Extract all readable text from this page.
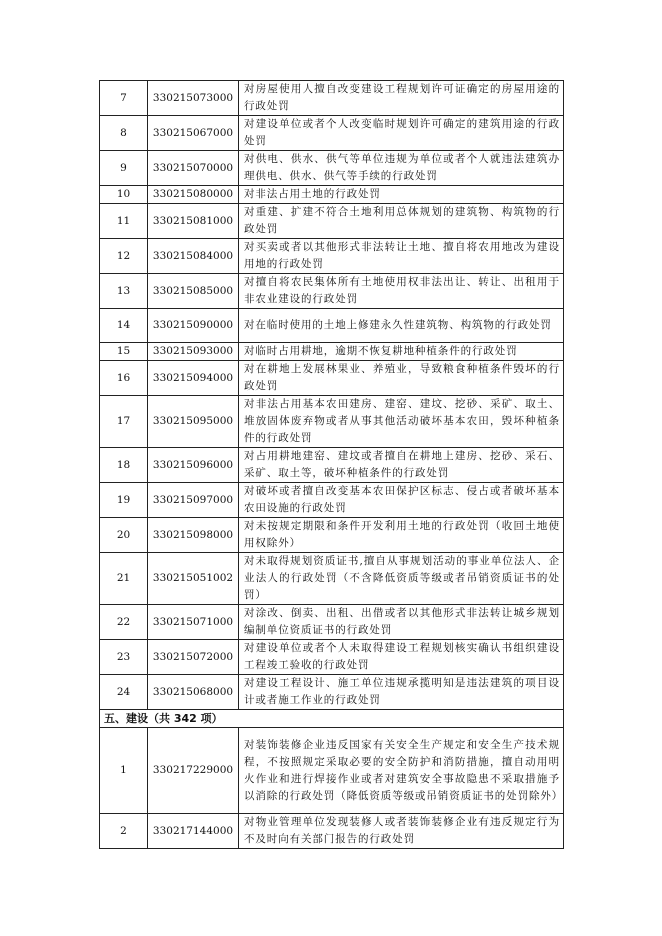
7	330215073000	对房屋使用人擅自改变建设工程规划许可证确定的房屋用途的行政处罚
8	330215067000	对建设单位或者个人改变临时规划许可确定的建筑用途的行政处罚
9	330215070000	对供电、供水、供气等单位违规为单位或者个人就违法建筑办理供电、供水、供气等手续的行政处罚
10	330215080000	对非法占用土地的行政处罚
11	330215081000	对重建、扩建不符合土地利用总体规划的建筑物、构筑物的行政处罚
12	330215084000	对买卖或者以其他形式非法转让土地、擅自将农用地改为建设用地的行政处罚
13	330215085000	对擅自将农民集体所有土地使用权非法出让、转让、出租用于非农业建设的行政处罚
14	330215090000	对在临时使用的土地上修建永久性建筑物、构筑物的行政处罚
15	330215093000	对临时占用耕地，逾期不恢复耕地种植条件的行政处罚
16	330215094000	对在耕地上发展林果业、养殖业，导致粮食种植条件毁坏的行政处罚
17	330215095000	对非法占用基本农田建房、建窑、建坟、挖砂、采矿、取土、堆放固体废弃物或者从事其他活动破坏基本农田，毁坏种植条件的行政处罚
18	330215096000	对占用耕地建窑、建坟或者擅自在耕地上建房、挖砂、采石、采矿、取土等，破坏种植条件的行政处罚
19	330215097000	对破坏或者擅自改变基本农田保护区标志、侵占或者破坏基本农田设施的行政处罚
20	330215098000	对未按规定期限和条件开发利用土地的行政处罚（收回土地使用权除外）
21	330215051002	对未取得规划资质证书,擅自从事规划活动的事业单位法人、企业法人的行政处罚（不含降低资质等级或者吊销资质证书的处罚）
22	330215071000	对涂改、倒卖、出租、出借或者以其他形式非法转让城乡规划编制单位资质证书的行政处罚
23	330215072000	对建设单位或者个人未取得建设工程规划核实确认书组织建设工程竣工验收的行政处罚
24	330215068000	对建设工程设计、施工单位违规承揽明知是违法建筑的项目设计或者施工作业的行政处罚
五、建设（共 342 项）		
1	330217229000	对装饰装修企业违反国家有关安全生产规定和安全生产技术规程，不按照规定采取必要的安全防护和消防措施，擅自动用明火作业和进行焊接作业或者对建筑安全事故隐患不采取措施予以消除的行政处罚（降低资质等级或吊销资质证书的处罚除外）
2	330217144000	对物业管理单位发现装修人或者装饰装修企业有违反规定行为不及时向有关部门报告的行政处罚
